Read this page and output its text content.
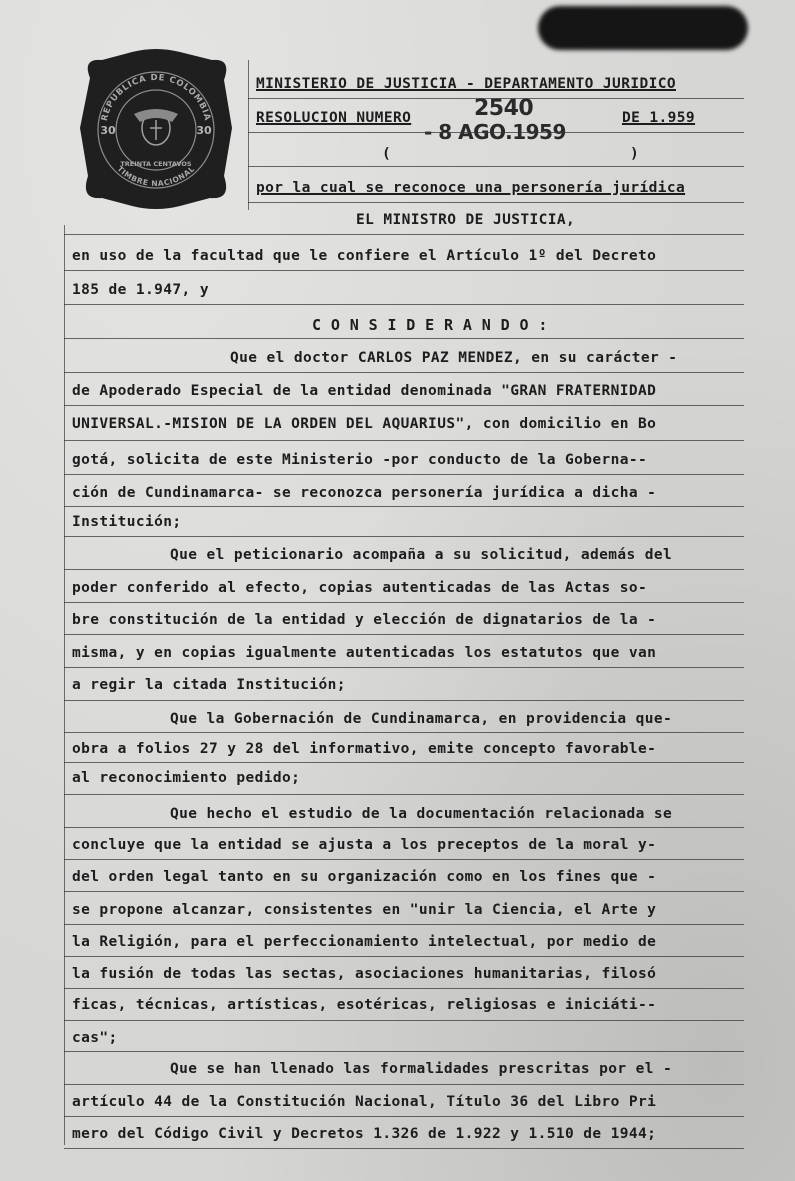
REPUBLICA DE COLOMBIA
TIMBRE NACIONAL
30	30
TREINTA CENTAVOS
MINISTERIO DE JUSTICIA - DEPARTAMENTO JURIDICO
2540
RESOLUCION NUMERO	DE 1.959
- 8 AGO.1959
(	)
por la cual se reconoce una personería jurídica
EL MINISTRO DE JUSTICIA,
en uso de la facultad que le confiere el Artículo 1º del Decreto
185 de 1.947, y
C O N S I D E R A N D O :
Que el doctor CARLOS PAZ MENDEZ, en su carácter -
de Apoderado Especial de la entidad denominada "GRAN FRATERNIDAD
UNIVERSAL.-MISION DE LA ORDEN DEL AQUARIUS", con domicilio en Bo
gotá, solicita de este Ministerio -por conducto de la Goberna--
ción de Cundinamarca- se reconozca personería jurídica a dicha -
Institución;
Que el peticionario acompaña a su solicitud, además del
poder conferido al efecto, copias autenticadas de las Actas so-
bre constitución de la entidad y elección de dignatarios de la -
misma, y en copias igualmente autenticadas los estatutos que van
a regir la citada Institución;
Que la Gobernación de Cundinamarca, en providencia que-
obra a folios 27 y 28 del informativo, emite concepto favorable-
al reconocimiento pedido;
Que hecho el estudio de la documentación relacionada se
concluye que la entidad se ajusta a los preceptos de la moral y-
del orden legal tanto en su organización como en los fines que -
se propone alcanzar, consistentes en "unir la Ciencia, el Arte y
la Religión, para el perfeccionamiento intelectual, por medio de
la fusión de todas las sectas, asociaciones humanitarias, filosó
ficas, técnicas, artísticas, esotéricas, religiosas e iniciáti--
cas";
Que se han llenado las formalidades prescritas por el -
artículo 44 de la Constitución Nacional, Título 36 del Libro Pri
mero del Código Civil y Decretos 1.326 de 1.922 y 1.510 de 1944;
